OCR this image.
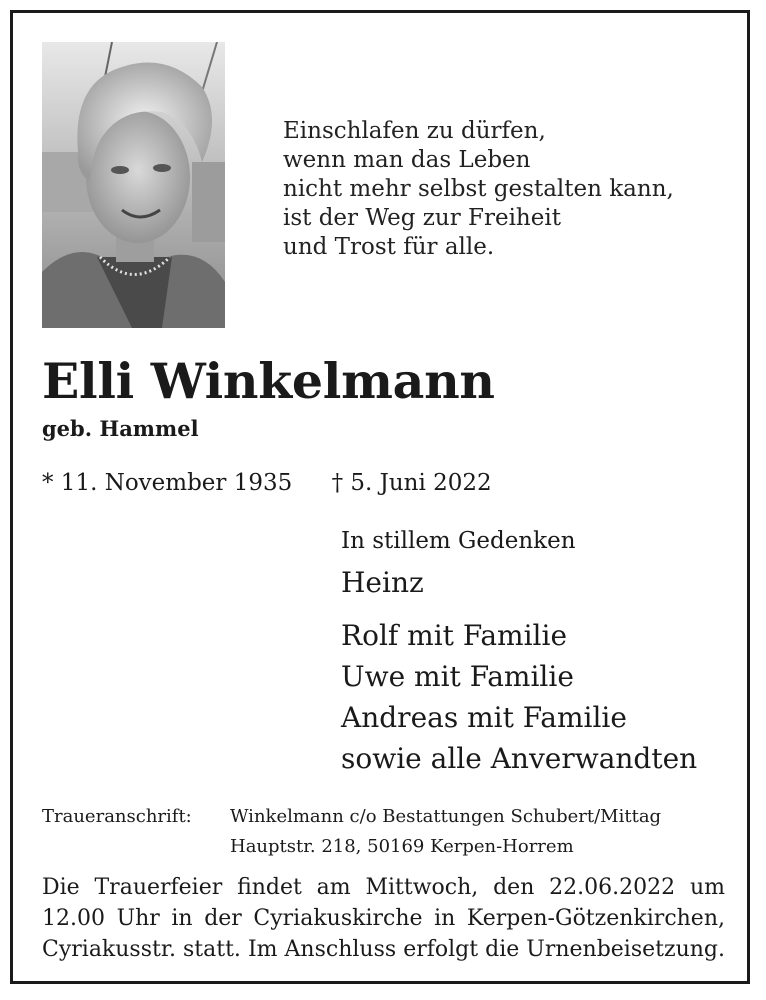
Einschlafen zu dürfen,
wenn man das Leben
nicht mehr selbst gestalten kann,
ist der Weg zur Freiheit
und Trost für alle.
Elli Winkelmann
geb. Hammel
* 11. November 1935 † 5. Juni 2022
In stillem Gedenken
Heinz
Rolf mit Familie
Uwe mit Familie
Andreas mit Familie
sowie alle Anverwandten
Traueranschrift: Winkelmann c/o Bestattungen Schubert/Mittag
Hauptstr. 218, 50169 Kerpen-Horrem
Die Trauerfeier findet am Mittwoch, den 22.06.2022 um
12.00 Uhr in der Cyriakuskirche in Kerpen-Götzenkirchen,
Cyriakusstr. statt. Im Anschluss erfolgt die Urnenbeisetzung.
